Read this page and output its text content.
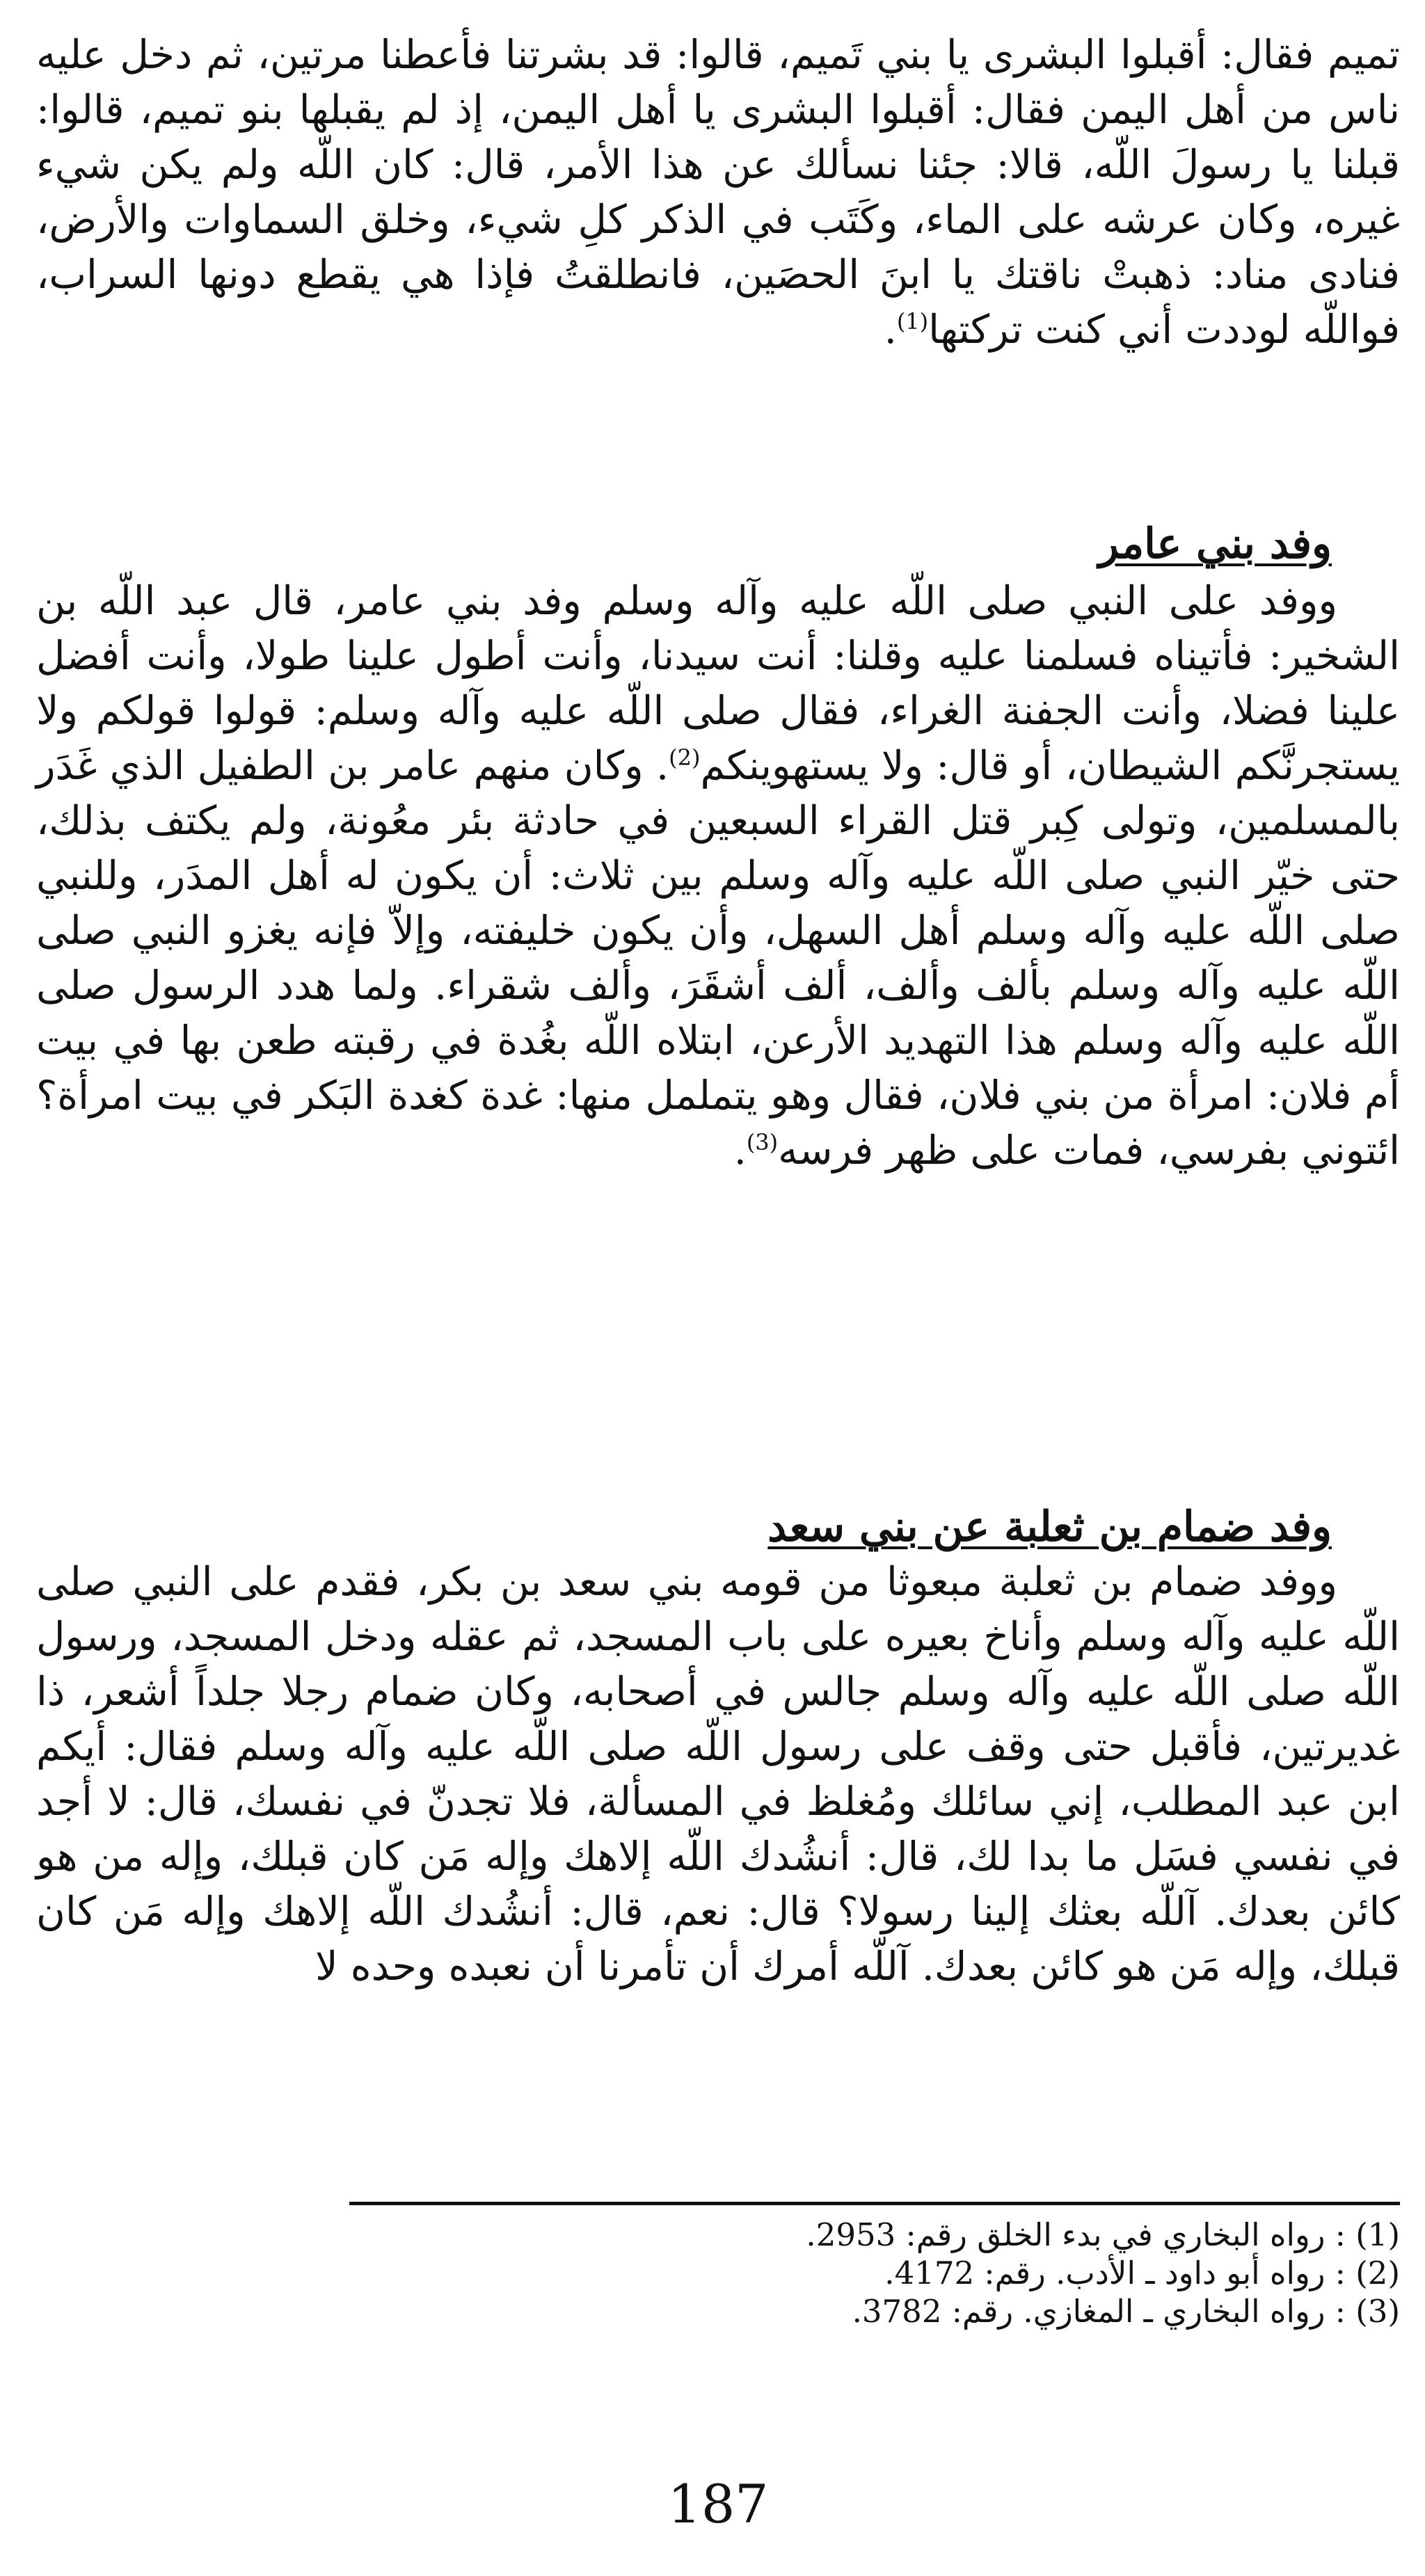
تميم فقال: أقبلوا البشرى يا بني تَميم، قالوا: قد بشرتنا فأعطنا مرتين، ثم دخل عليه ناس من أهل اليمن فقال: أقبلوا البشرى يا أهل اليمن، إذ لم يقبلها بنو تميم، قالوا: قبلنا يا رسولَ اللّه، قالا: جئنا نسألك عن هذا الأمر، قال: كان اللّه ولم يكن شيء غيره، وكان عرشه على الماء، وكَتَب في الذكر كلِ شيء، وخلق السماوات والأرض، فنادى مناد: ذهبتْ ناقتك يا ابنَ الحصَين، فانطلقتُ فإذا هي يقطع دونها السراب، فواللّه لوددت أني كنت تركتها$^{(1)}$.

وفد بني عامر

ووفد على النبي صلى اللّه عليه وآله وسلم وفد بني عامر، قال عبد اللّه بن الشخير: فأتيناه فسلمنا عليه وقلنا: أنت سيدنا، وأنت أطول علينا طولا، وأنت أفضل علينا فضلا، وأنت الجفنة الغراء، فقال صلى اللّه عليه وآله وسلم: قولوا قولكم ولا يستجرنَّكم الشيطان، أو قال: ولا يستهوينكم$^{(2)}$. وكان منهم عامر بن الطفيل الذي غَدَر بالمسلمين، وتولى كِبر قتل القراء السبعين في حادثة بئر معُونة، ولم يكتف بذلك، حتى خيّر النبي صلى اللّه عليه وآله وسلم بين ثلاث: أن يكون له أهل المدَر، وللنبي صلى اللّه عليه وآله وسلم أهل السهل، وأن يكون خليفته، وإلاّ فإنه يغزو النبي صلى اللّه عليه وآله وسلم بألف وألف، ألف أشقَرَ، وألف شقراء. ولما هدد الرسول صلى اللّه عليه وآله وسلم هذا التهديد الأرعن، ابتلاه اللّه بغُدة في رقبته طعن بها في بيت أم فلان: امرأة من بني فلان، فقال وهو يتململ منها: غدة كغدة البَكر في بيت امرأة؟ ائتوني بفرسي، فمات على ظهر فرسه$^{(3)}$.

وفد ضمام بن ثعلبة عن بني سعد

ووفد ضمام بن ثعلبة مبعوثا من قومه بني سعد بن بكر، فقدم على النبي صلى اللّه عليه وآله وسلم وأناخ بعيره على باب المسجد، ثم عقله ودخل المسجد، ورسول اللّه صلى اللّه عليه وآله وسلم جالس في أصحابه، وكان ضمام رجلا جلداً أشعر، ذا غديرتين، فأقبل حتى وقف على رسول اللّه صلى اللّه عليه وآله وسلم فقال: أيكم ابن عبد المطلب، إني سائلك ومُغلظ في المسألة، فلا تجدنّ في نفسك، قال: لا أجد في نفسي فسَل ما بدا لك، قال: أنشُدك اللّه إلاهك وإله مَن كان قبلك، وإله من هو كائن بعدك. آللّه بعثك إلينا رسولا؟ قال: نعم، قال: أنشُدك اللّه إلاهك وإله مَن كان قبلك، وإله مَن هو كائن بعدك. آللّه أمرك أن تأمرنا أن نعبده وحده لا

(1) : رواه البخاري في بدء الخلق رقم: 2953.
(2) : رواه أبو داود ـ الأدب. رقم: 4172.
(3) : رواه البخاري ـ المغازي. رقم: 3782.
187
